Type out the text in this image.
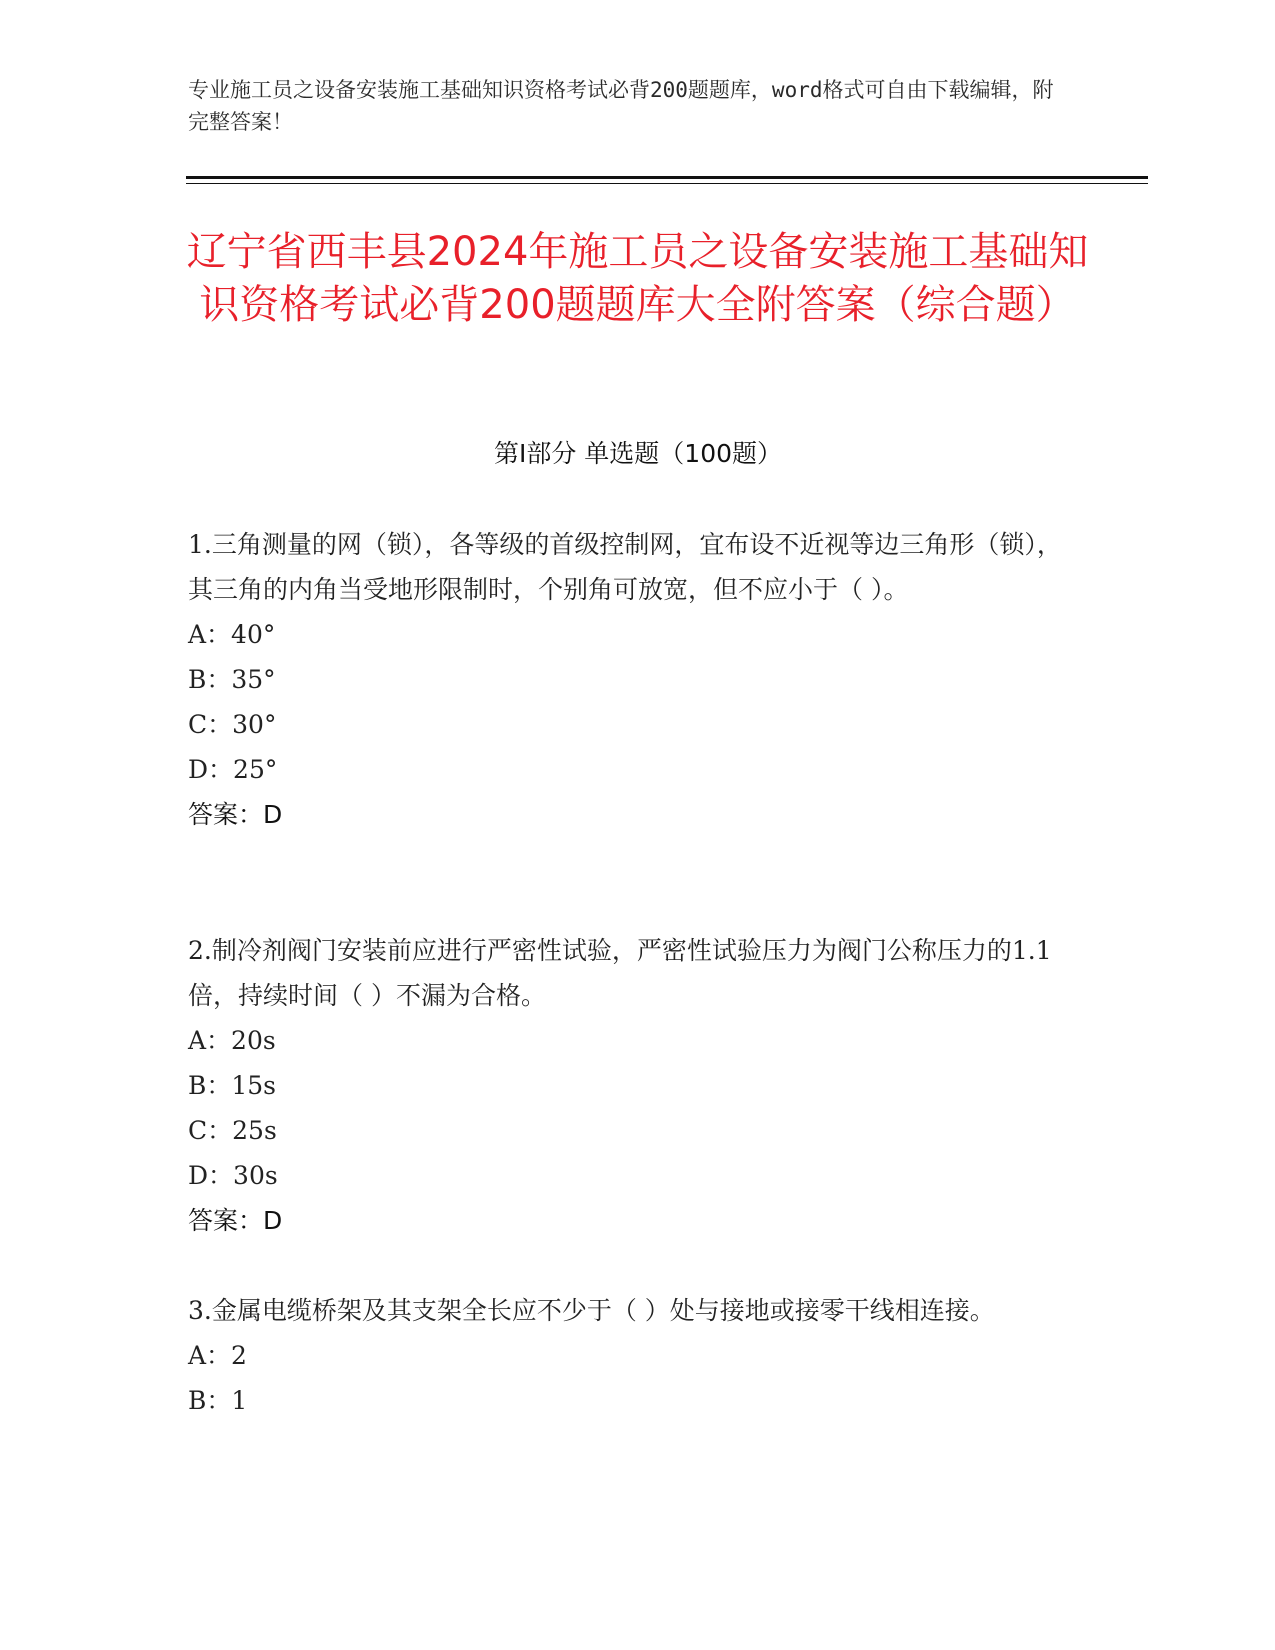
专业施工员之设备安装施工基础知识资格考试必背200题题库，word格式可自由下载编辑，附完整答案！
辽宁省西丰县2024年施工员之设备安装施工基础知识资格考试必背200题题库大全附答案（综合题）
第Ⅰ部分 单选题（100题）

1.三角测量的网（锁），各等级的首级控制网，宜布设不近视等边三角形（锁），其三角的内角当受地形限制时，个别角可放宽，但不应小于（ ）。

A：40°

B：35°

C：30°

D：25°

答案：D

2.制冷剂阀门安装前应进行严密性试验，严密性试验压力为阀门公称压力的1.1倍，持续时间（ ）不漏为合格。

A：20s

B：15s

C：25s

D：30s

答案：D

3.金属电缆桥架及其支架全长应不少于（ ）处与接地或接零干线相连接。

A：2

B：1
